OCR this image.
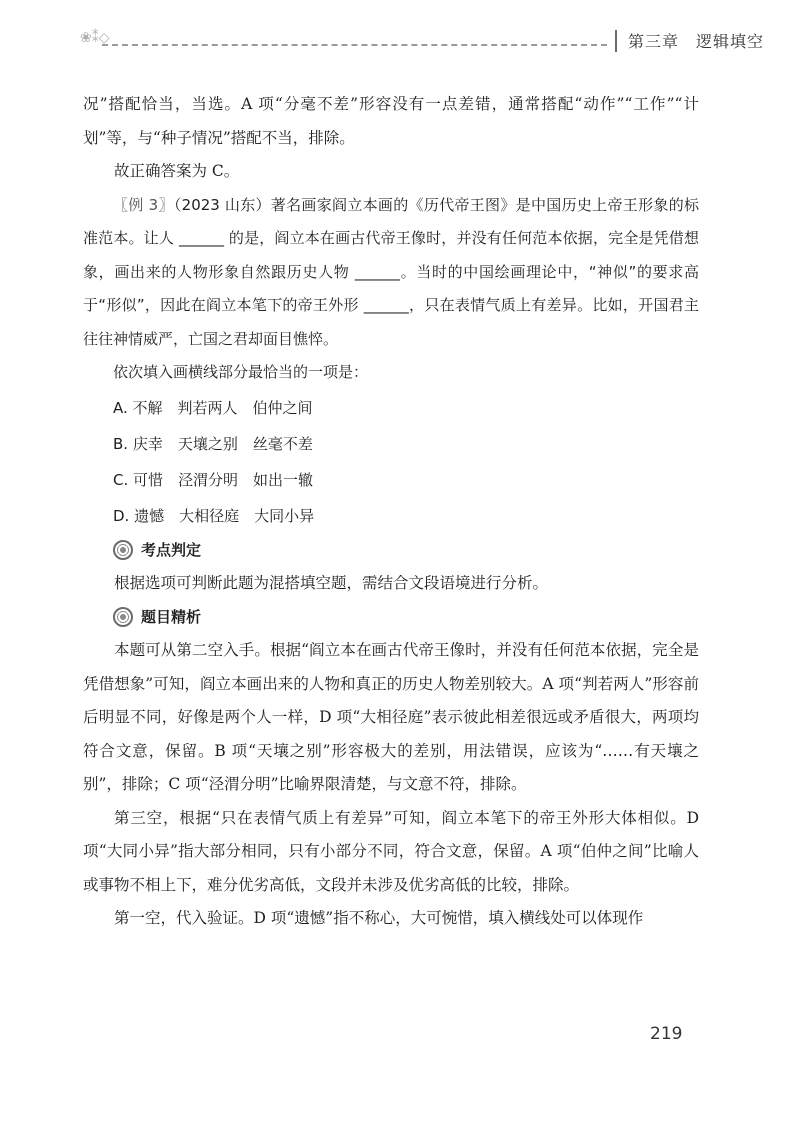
❀⁑◇	第三章　逻辑填空

况”搭配恰当，当选。A 项“分毫不差”形容没有一点差错，通常搭配“动作”“工作”“计划”等，与“种子情况”搭配不当，排除。

故正确答案为 C。

〖例 3〗（2023 山东）著名画家阎立本画的《历代帝王图》是中国历史上帝王形象的标准范本。让人 ______ 的是，阎立本在画古代帝王像时，并没有任何范本依据，完全是凭借想象，画出来的人物形象自然跟历史人物 ______。当时的中国绘画理论中，“神似”的要求高于“形似”，因此在阎立本笔下的帝王外形 ______，只在表情气质上有差异。比如，开国君主往往神情威严，亡国之君却面目憔悴。

依次填入画横线部分最恰当的一项是：

A. 不解　判若两人　伯仲之间
B. 庆幸　天壤之别　丝毫不差
C. 可惜　泾渭分明　如出一辙
D. 遗憾　大相径庭　大同小异
考点判定

根据选项可判断此题为混搭填空题，需结合文段语境进行分析。

题目精析

本题可从第二空入手。根据“阎立本在画古代帝王像时，并没有任何范本依据，完全是凭借想象”可知，阎立本画出来的人物和真正的历史人物差别较大。A 项“判若两人”形容前后明显不同，好像是两个人一样，D 项“大相径庭”表示彼此相差很远或矛盾很大，两项均符合文意，保留。B 项“天壤之别”形容极大的差别，用法错误，应该为“……有天壤之别”，排除；C 项“泾渭分明”比喻界限清楚，与文意不符，排除。

第三空，根据“只在表情气质上有差异”可知，阎立本笔下的帝王外形大体相似。D 项“大同小异”指大部分相同，只有小部分不同，符合文意，保留。A 项“伯仲之间”比喻人或事物不相上下，难分优劣高低，文段并未涉及优劣高低的比较，排除。

第一空，代入验证。D 项“遗憾”指不称心，大可惋惜，填入横线处可以体现作

219
